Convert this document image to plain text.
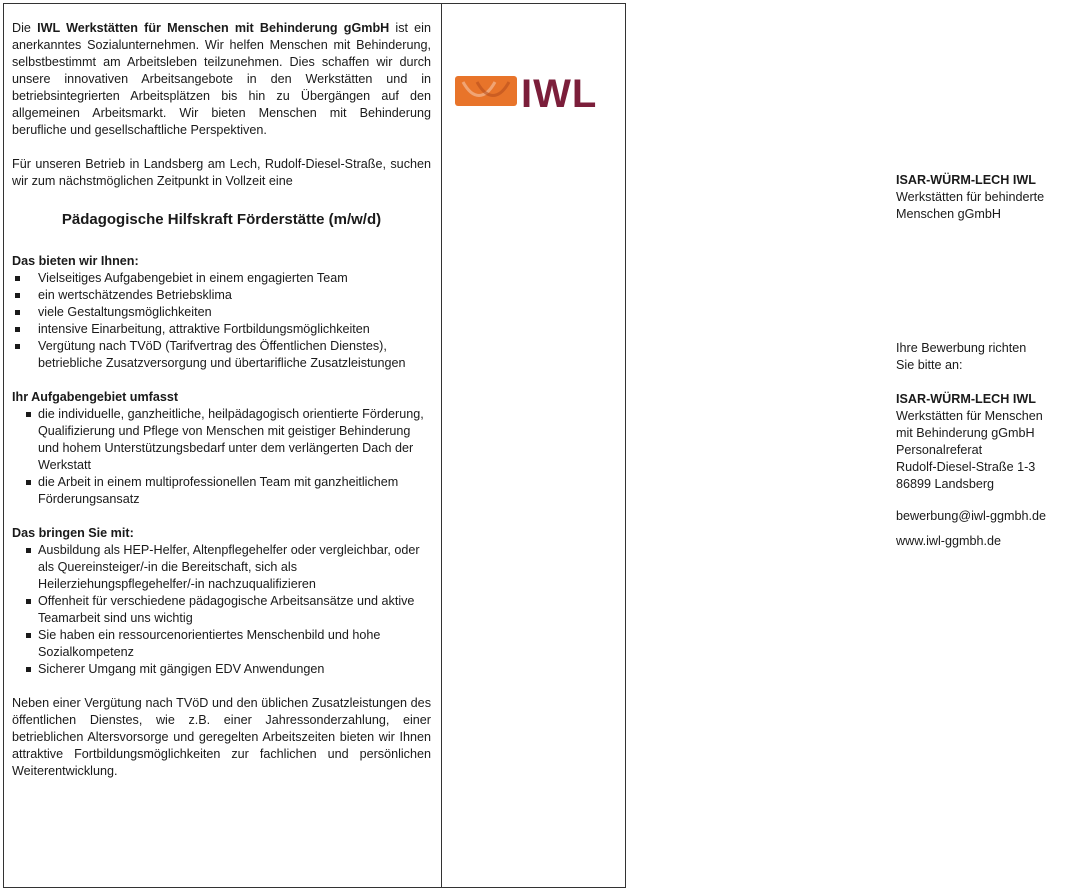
Die IWL Werkstätten für Menschen mit Behinderung gGmbH ist ein anerkanntes Sozialunternehmen. Wir helfen Menschen mit Behinderung, selbstbestimmt am Arbeitsleben teilzunehmen. Dies schaffen wir durch unsere innovativen Arbeitsangebote in den Werkstätten und in betriebsintegrierten Arbeitsplätzen bis hin zu Übergängen auf den allgemeinen Arbeitsmarkt. Wir bieten Menschen mit Behinderung berufliche und gesellschaftliche Perspektiven.

Für unseren Betrieb in Landsberg am Lech, Rudolf-Diesel-Straße, suchen wir zum nächstmöglichen Zeitpunkt in Vollzeit eine

Pädagogische Hilfskraft Förderstätte (m/w/d)
Das bieten wir Ihnen:
Vielseitiges Aufgabengebiet in einem engagierten Team
ein wertschätzendes Betriebsklima
viele Gestaltungsmöglichkeiten
intensive Einarbeitung, attraktive Fortbildungsmöglichkeiten
Vergütung nach TVöD (Tarifvertrag des Öffentlichen Dienstes), betriebliche Zusatzversorgung und übertarifliche Zusatzleistungen
Ihr Aufgabengebiet umfasst
die individuelle, ganzheitliche, heilpädagogisch orientierte Förderung, Qualifizierung und Pflege von Menschen mit geistiger Behinderung und hohem Unterstützungsbedarf unter dem verlängerten Dach der Werkstatt
die Arbeit in einem multiprofessionellen Team mit ganzheitlichem Förderungsansatz
Das bringen Sie mit:
Ausbildung als HEP-Helfer, Altenpflegehelfer oder vergleichbar, oder als Quereinsteiger/-in die Bereitschaft, sich als Heilerziehungspflegehelfer/-in nachzuqualifizieren
Offenheit für verschiedene pädagogische Arbeitsansätze und aktive Teamarbeit sind uns wichtig
Sie haben ein ressourcenorientiertes Menschenbild und hohe Sozialkompetenz
Sicherer Umgang mit gängigen EDV Anwendungen

Neben einer Vergütung nach TVöD und den üblichen Zusatzleistungen des öffentlichen Dienstes, wie z.B. einer Jahressonderzahlung, einer betrieblichen Altersvorsorge und geregelten Arbeitszeiten bieten wir Ihnen attraktive Fortbildungsmöglichkeiten zur fachlichen und persönlichen Weiterentwicklung.

IWL
ISAR-WÜRM-LECH IWL
Werkstätten für behinderte
Menschen gGmbH
Ihre Bewerbung richten
Sie bitte an:
ISAR-WÜRM-LECH IWL
Werkstätten für Menschen
mit Behinderung gGmbH
Personalreferat
Rudolf-Diesel-Straße 1-3
86899 Landsberg
bewerbung@iwl-ggmbh.de
www.iwl-ggmbh.de
